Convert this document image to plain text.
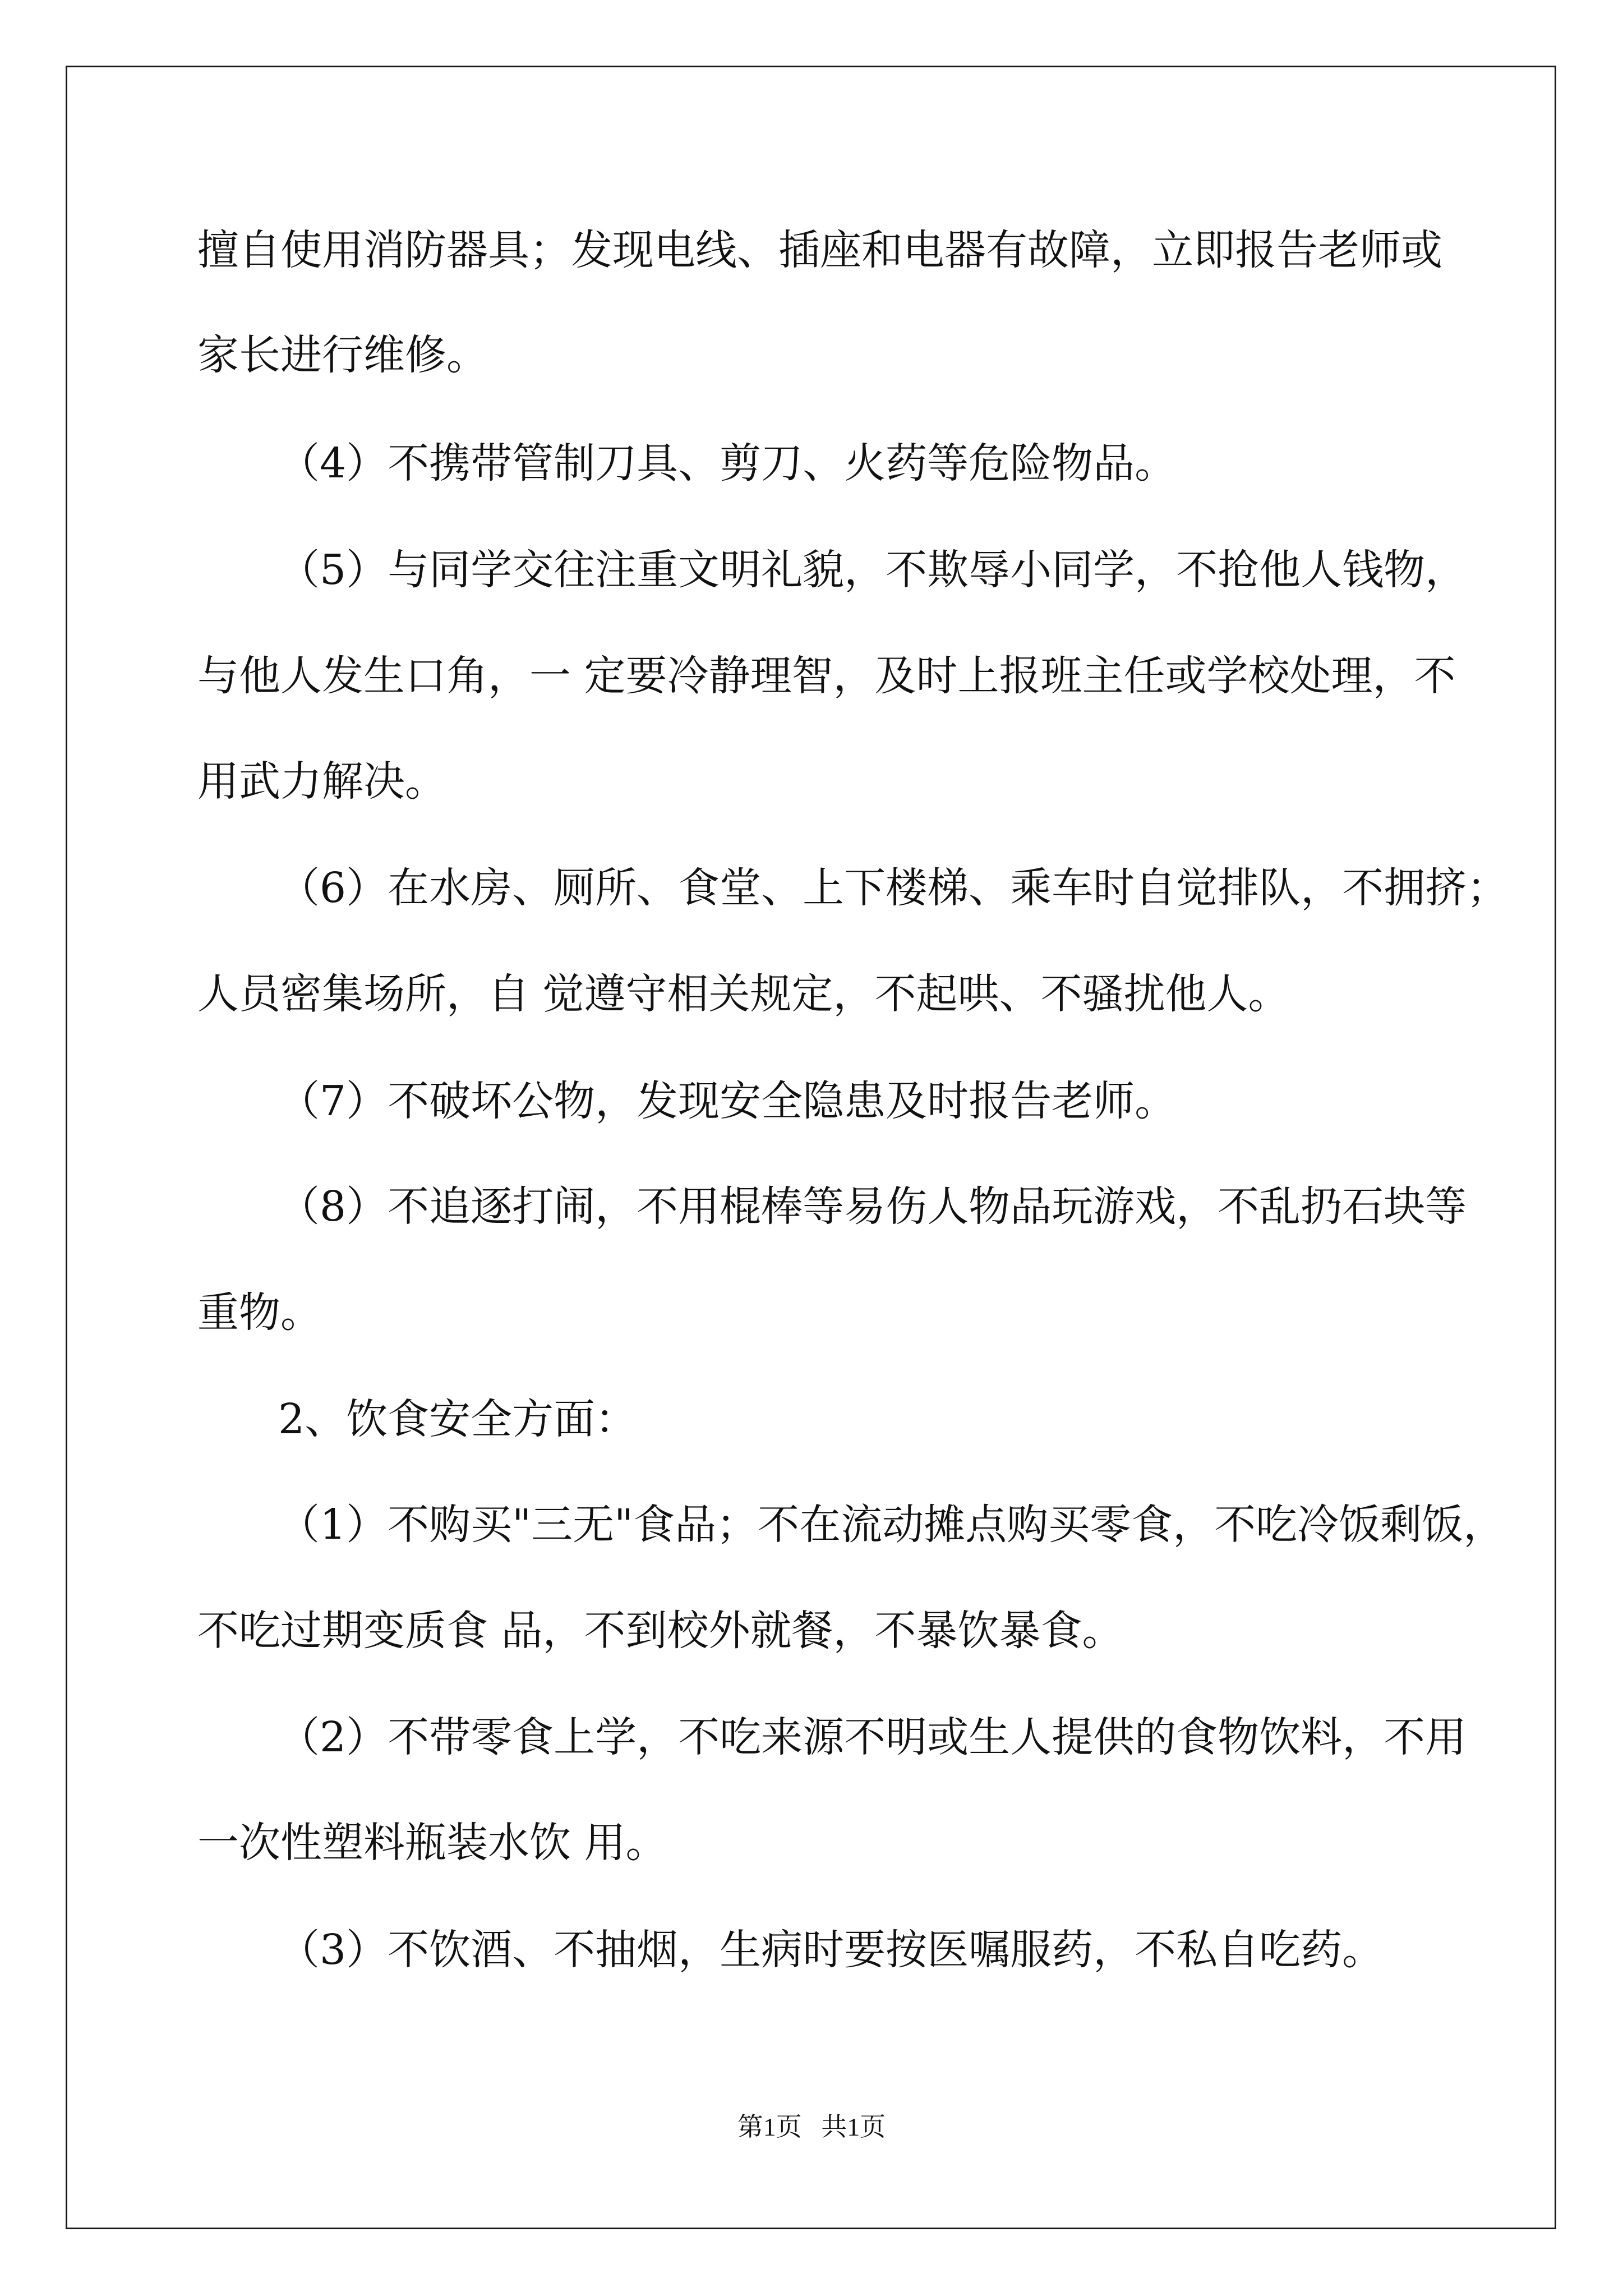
擅自使用消防器具；发现电线、插座和电器有故障，立即报告老师或

家长进行维修。

（4）不携带管制刀具、剪刀、火药等危险物品。

（5）与同学交往注重文明礼貌，不欺辱小同学，不抢他人钱物，

与他人发生口角，一 定要冷静理智，及时上报班主任或学校处理，不

用武力解决。

（6）在水房、厕所、食堂、上下楼梯、乘车时自觉排队，不拥挤；

人员密集场所，自 觉遵守相关规定，不起哄、不骚扰他人。

（7）不破坏公物，发现安全隐患及时报告老师。

（8）不追逐打闹，不用棍棒等易伤人物品玩游戏，不乱扔石块等

重物。

2、饮食安全方面：

（1）不购买"三无"食品；不在流动摊点购买零食，不吃冷饭剩饭，

不吃过期变质食 品，不到校外就餐，不暴饮暴食。

（2）不带零食上学，不吃来源不明或生人提供的食物饮料，不用

一次性塑料瓶装水饮 用。

（3）不饮酒、不抽烟，生病时要按医嘱服药，不私自吃药。

第1页   共1页
